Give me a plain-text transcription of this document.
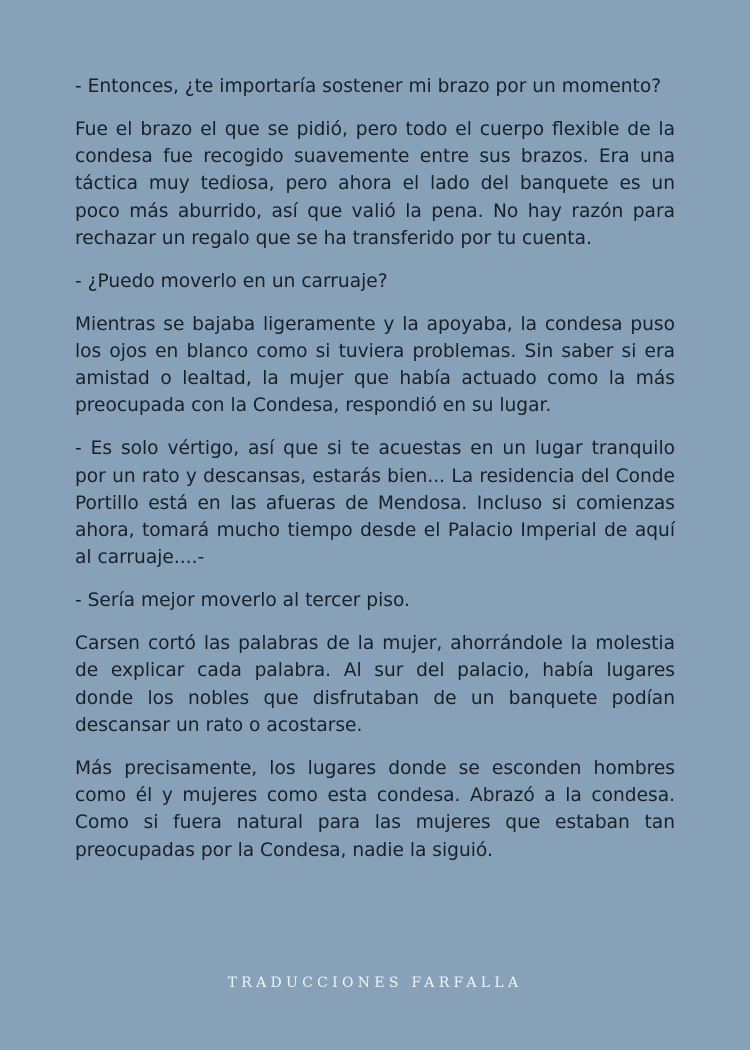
- Entonces, ¿te importaría sostener mi brazo por un momento?

Fue el brazo el que se pidió, pero todo el cuerpo flexible de la condesa fue recogido suavemente entre sus brazos. Era una táctica muy tediosa, pero ahora el lado del banquete es un poco más aburrido, así que valió la pena. No hay razón para rechazar un regalo que se ha transferido por tu cuenta.

- ¿Puedo moverlo en un carruaje?

Mientras se bajaba ligeramente y la apoyaba, la condesa puso los ojos en blanco como si tuviera problemas. Sin saber si era amistad o lealtad, la mujer que había actuado como la más preocupada con la Condesa, respondió en su lugar.

- Es solo vértigo, así que si te acuestas en un lugar tranquilo por un rato y descansas, estarás bien... La residencia del Conde Portillo está en las afueras de Mendosa. Incluso si comienzas ahora, tomará mucho tiempo desde el Palacio Imperial de aquí al carruaje....-

- Sería mejor moverlo al tercer piso.

Carsen cortó las palabras de la mujer, ahorrándole la molestia de explicar cada palabra. Al sur del palacio, había lugares donde los nobles que disfrutaban de un banquete podían descansar un rato o acostarse.

Más precisamente, los lugares donde se esconden hombres como él y mujeres como esta condesa. Abrazó a la condesa. Como si fuera natural para las mujeres que estaban tan preocupadas por la Condesa, nadie la siguió.

TRADUCCIONES FARFALLA
